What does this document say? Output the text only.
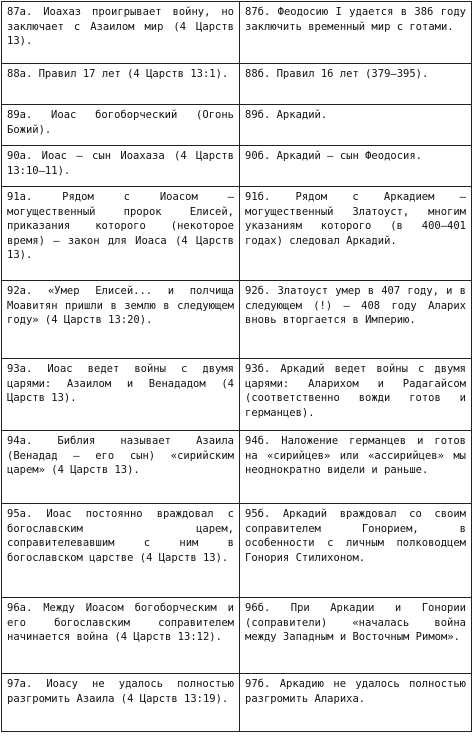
87а. Иоахаз проигрывает войну, но заключает с Азаилом мир (4 Царств 13).	87б. Феодосию I удается в 386 году заключить временный мир с готами.
88а. Правил 17 лет (4 Царств 13:1).	88б. Правил 16 лет (379–395).
89а. Иоас богоборческий (Огонь Божий).	89б. Аркадий.
90а. Иоас – сын Иоахаза (4 Царств 13:10–11).	90б. Аркадий – сын Феодосия.
91а. Рядом с Иоасом – могущественный пророк Елисей, приказания которого (некоторое время) – закон для Иоаса (4 Царств 13).	91б. Рядом с Аркадием – могущественный Златоуст, многим указаниям которого (в 400–401 годах) следовал Аркадий.
92а. «Умер Елисей... и полчища Моавитян пришли в землю в следующем году» (4 Царств 13:20).	92б. Златоуст умер в 407 году, и в следующем (!) – 408 году Аларих вновь вторгается в Империю.
93а. Иоас ведет войны с двумя царями: Азаилом и Венададом (4 Царств 13).	93б. Аркадий ведет войны с двумя царями: Аларихом и Радагайсом (соответственно вожди готов и германцев).
94а. Библия называет Азаила (Венадад – его сын) «сирийским царем» (4 Царств 13).	94б. Наложение германцев и готов на «сирийцев» или «ассирийцев» мы неоднократно видели и раньше.
95а. Иоас постоянно враждовал с богославским царем, соправителевавшим с ним в богославском царстве (4 Царств 13).	95б. Аркадий враждовал со своим соправителем Гонорием, в особенности с личным полководцем Гонория Стилихоном.
96а. Между Иоасом богоборческим и его богославским соправителем начинается война (4 Царств 13:12).	96б. При Аркадии и Гонории (соправители) «началась война между Западным и Восточным Римом».
97а. Иоасу не удалось полностью разгромить Азаила (4 Царств 13:19).	97б. Аркадию не удалось полностью разгромить Алариха.
